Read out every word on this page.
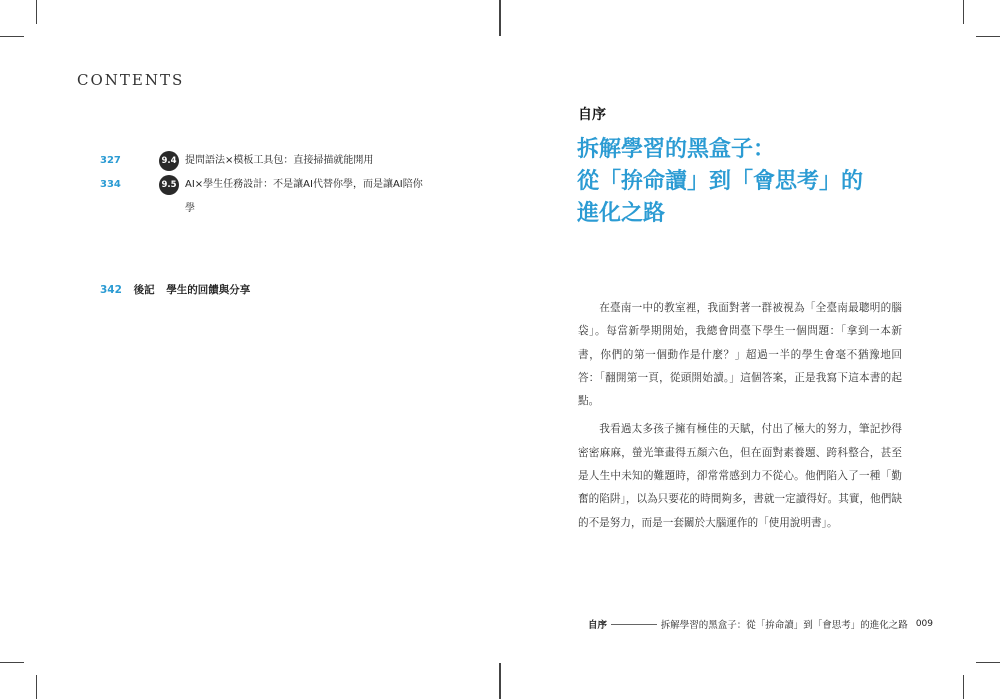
CONTENTS
327	9.4 提問語法×模板工具包：直接掃描就能開用
334	9.5 AI×學生任務設計：不是讓AI代替你學，而是讓AI陪你學
342 後記 學生的回饋與分享
自序
拆解學習的黑盒子：
從「拚命讀」到「會思考」的
進化之路

在臺南一中的教室裡，我面對著一群被視為「全臺南最聰明的腦袋」。每當新學期開始，我總會問臺下學生一個問題：「拿到一本新書，你們的第一個動作是什麼？」超過一半的學生會毫不猶豫地回答：「翻開第一頁，從頭開始讀。」這個答案，正是我寫下這本書的起點。

我看過太多孩子擁有極佳的天賦，付出了極大的努力，筆記抄得密密麻麻，螢光筆畫得五顏六色，但在面對素養題、跨科整合，甚至是人生中未知的難題時，卻常常感到力不從心。他們陷入了一種「勤奮的陷阱」，以為只要花的時間夠多，書就一定讀得好。其實，他們缺的不是努力，而是一套關於大腦運作的「使用說明書」。

自序	拆解學習的黑盒子：從「拚命讀」到「會思考」的進化之路 009
